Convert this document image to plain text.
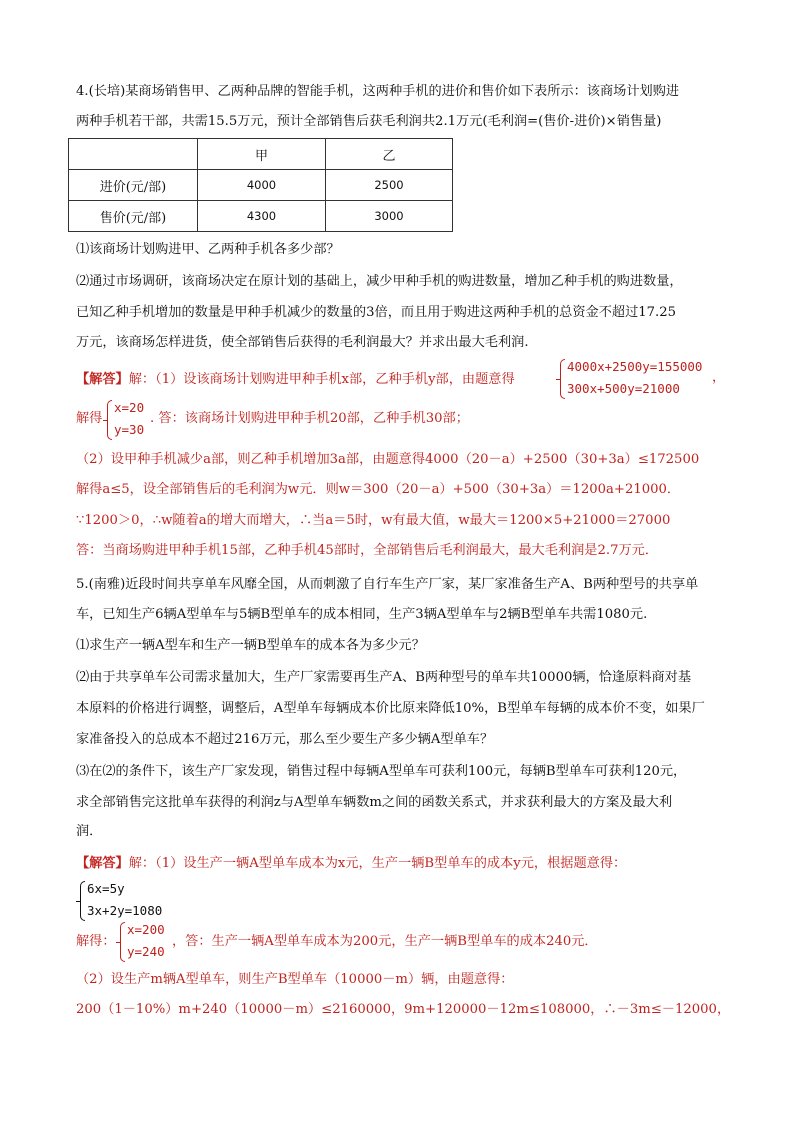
4.(长培)某商场销售甲、乙两种品牌的智能手机，这两种手机的进价和售价如下表所示：该商场计划购进
两种手机若干部，共需15.5万元，预计全部销售后获毛利润共2.1万元(毛利润=(售价-进价)×销售量)
	甲	乙
进价(元/部)	4000	2500
售价(元/部)	4300	3000
⑴该商场计划购进甲、乙两种手机各多少部？
⑵通过市场调研，该商场决定在原计划的基础上，减少甲种手机的购进数量，增加乙种手机的购进数量，
已知乙种手机增加的数量是甲种手机减少的数量的3倍，而且用于购进这两种手机的总资金不超过17.25
万元，该商场怎样进货，使全部销售后获得的毛利润最大？并求出最大毛利润.
【解答】解：（1）设该商场计划购进甲种手机x部，乙种手机y部，由题意得
4000x+2500y=155000
300x+500y=21000
，
解得
x=20
y=30
. 答：该商场计划购进甲种手机20部，乙种手机30部；
（2）设甲种手机减少a部，则乙种手机增加3a部，由题意得4000（20－a）+2500（30+3a）≤172500
解得a≤5，设全部销售后的毛利润为w元．则w＝300（20－a）+500（30+3a）＝1200a+21000．
∵1200＞0，∴w随着a的增大而增大，∴当a＝5时，w有最大值，w最大＝1200×5+21000＝27000
答：当商场购进甲种手机15部，乙种手机45部时，全部销售后毛利润最大，最大毛利润是2.7万元．
5.(南雅)近段时间共享单车风靡全国，从而刺激了自行车生产厂家，某厂家准备生产A、B两种型号的共享单
车，已知生产6辆A型单车与5辆B型单车的成本相同，生产3辆A型单车与2辆B型单车共需1080元.
⑴求生产一辆A型车和生产一辆B型单车的成本各为多少元？
⑵由于共享单车公司需求量加大，生产厂家需要再生产A、B两种型号的单车共10000辆，恰逢原料商对基
本原料的价格进行调整，调整后，A型单车每辆成本价比原来降低10%，B型单车每辆的成本价不变，如果厂
家准备投入的总成本不超过216万元，那么至少要生产多少辆A型单车？
⑶在⑵的条件下，该生产厂家发现，销售过程中每辆A型单车可获利100元，每辆B型单车可获利120元，
求全部销售完这批单车获得的利润z与A型单车辆数m之间的函数关系式，并求获利最大的方案及最大利
润．
【解答】解：（1）设生产一辆A型单车成本为x元，生产一辆B型单车的成本y元，根据题意得：
6x=5y
3x+2y=1080
解得：
x=200
y=240
，答：生产一辆A型单车成本为200元，生产一辆B型单车的成本240元．
（2）设生产m辆A型单车，则生产B型单车（10000－m）辆，由题意得：
200（1－10%）m+240（10000－m）≤2160000，9m+120000－12m≤108000，∴－3m≤－12000，
